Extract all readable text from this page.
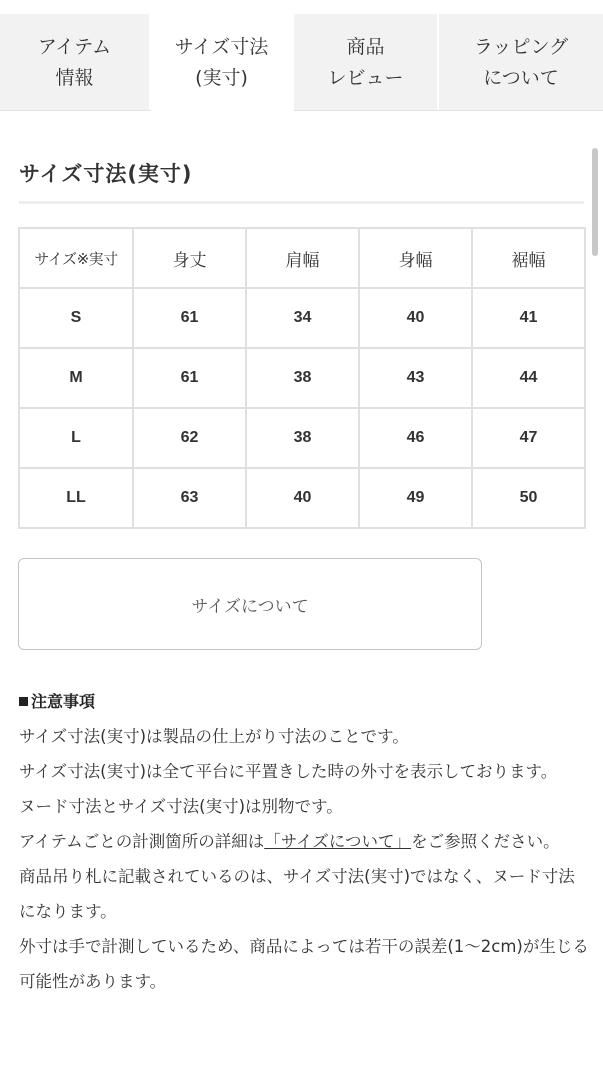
アイテム
情報
サイズ寸法
(実寸)
商品
レビュー
ラッピング
について
サイズ寸法(実寸)
サイズ※実寸	身丈	肩幅	身幅	裾幅
S	61	34	40	41
M	61	38	43	44
L	62	38	46	47
LL	63	40	49	50
サイズについて
注意事項

サイズ寸法(実寸)は製品の仕上がり寸法のことです。

サイズ寸法(実寸)は全て平台に平置きした時の外寸を表示しております。

ヌード寸法とサイズ寸法(実寸)は別物です。

アイテムごとの計測箇所の詳細は「サイズについて」をご参照ください。

商品吊り札に記載されているのは、サイズ寸法(実寸)ではなく、ヌード寸法になります。

外寸は手で計測しているため、商品によっては若干の誤差(1〜2cm)が生じる可能性があります。
